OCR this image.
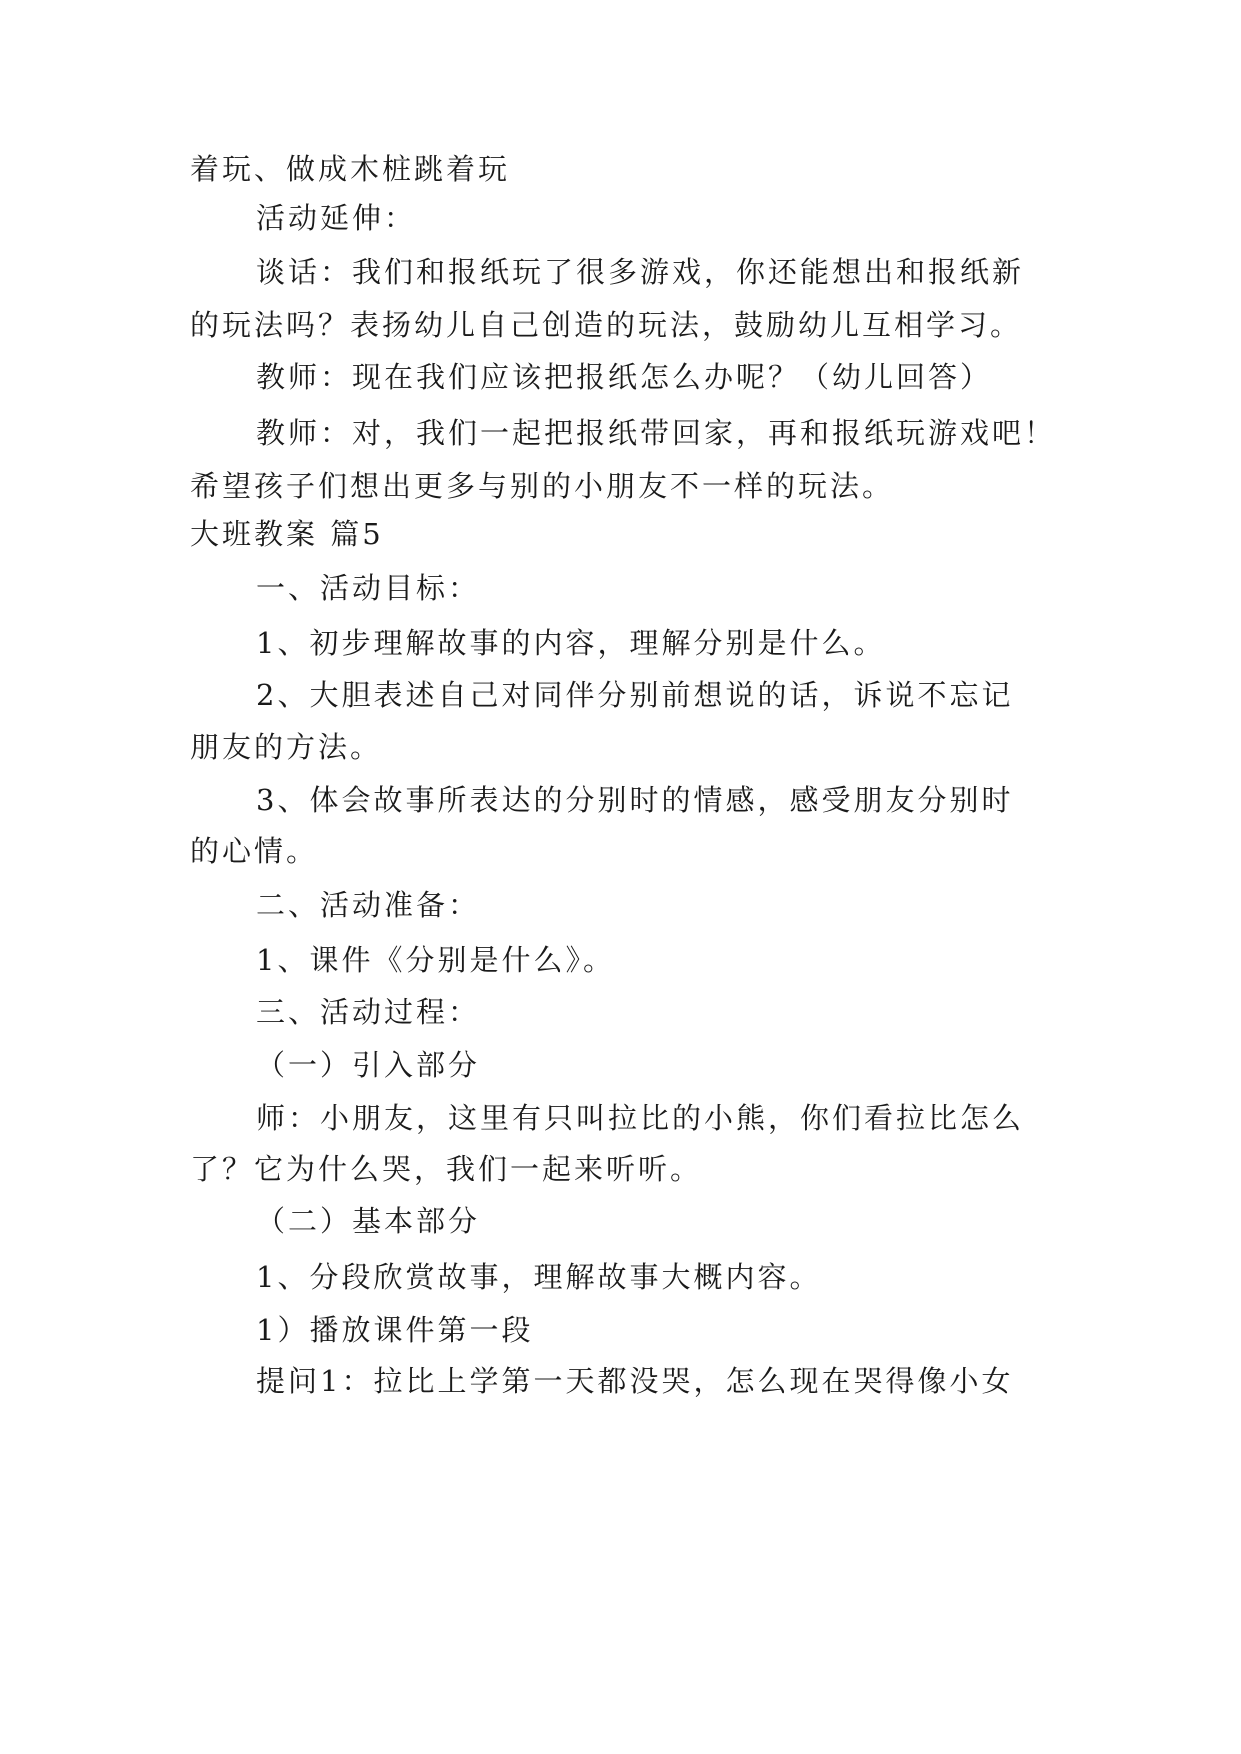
着玩、做成木桩跳着玩

活动延伸：

谈话：我们和报纸玩了很多游戏，你还能想出和报纸新

的玩法吗？表扬幼儿自己创造的玩法，鼓励幼儿互相学习。

教师：现在我们应该把报纸怎么办呢？（幼儿回答）

教师：对，我们一起把报纸带回家，再和报纸玩游戏吧！

希望孩子们想出更多与别的小朋友不一样的玩法。

大班教案 篇5

一、活动目标：

1、初步理解故事的内容，理解分别是什么。

2、大胆表述自己对同伴分别前想说的话，诉说不忘记

朋友的方法。

3、体会故事所表达的分别时的情感，感受朋友分别时

的心情。

二、活动准备：

1、课件《分别是什么》。

三、活动过程：

（一）引入部分

师：小朋友，这里有只叫拉比的小熊，你们看拉比怎么

了？它为什么哭，我们一起来听听。

（二）基本部分

1、分段欣赏故事，理解故事大概内容。

1）播放课件第一段

提问1：拉比上学第一天都没哭，怎么现在哭得像小女
